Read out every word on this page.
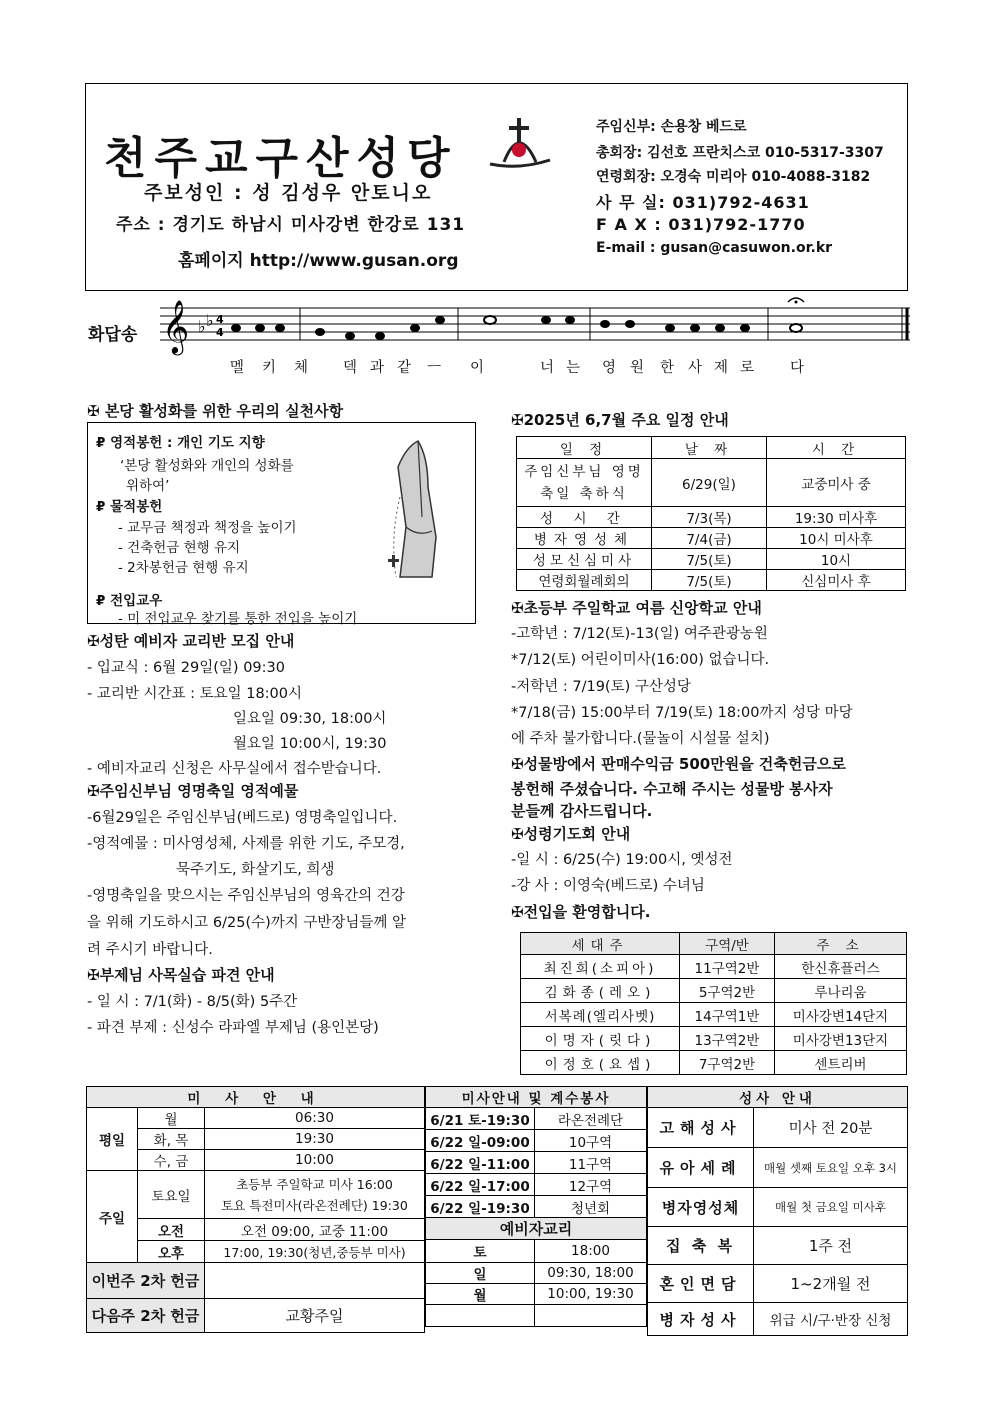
천주교구산성당
주보성인 : 성 김성우 안토니오
주소 : 경기도 하남시 미사강변 한강로 131
홈페이지 http://www.gusan.org
주임신부: 손용창 베드로
총회장: 김선호 프란치스코 010-5317-3307
연령회장: 오경숙 미리아 010-4088-3182
사 무 실: 031)792-4631
F A X : 031)792-1770
E-mail : gusan@casuwon.or.kr
화답송 𝄞 ♭ ♭ 4
4
멜 키 체 덱 과 같 ㅡ 이	너 는 영 원 한 사 제 로 다
✠ 본당 활성화를 위한 우리의 실천사항
₽ 영적봉헌 : 개인 기도 지향
‘본당 활성화와 개인의 성화를
위하여’
₽ 물적봉헌
- 교무금 책정과 책정을 높이기
- 건축헌금 현행 유지
- 2차봉헌금 현행 유지
₽ 전입교우
- 미 전입교우 찾기를 통한 전입을 높이기
✠성탄 예비자 교리반 모집 안내
- 입교식 : 6월 29일(일) 09:30
- 교리반 시간표 : 토요일 18:00시
일요일 09:30, 18:00시
월요일 10:00시, 19:30
- 예비자교리 신청은 사무실에서 접수받습니다.
✠주임신부님 영명축일 영적예물
-6월29일은 주임신부님(베드로) 영명축일입니다.
-영적예물 : 미사영성체, 사제를 위한 기도, 주모경,
묵주기도, 화살기도, 희생
-영명축일을 맞으시는 주임신부님의 영육간의 건강
을 위해 기도하시고 6/25(수)까지 구반장님들께 알
려 주시기 바랍니다.
✠부제님 사목실습 파견 안내
- 일 시 : 7/1(화) - 8/5(화) 5주간
- 파견 부제 : 신성수 라파엘 부제님 (용인본당)
✠2025년 6,7월 주요 일정 안내
일 정	날 짜	시 간
주임신부님 영명축일 축하식	6/29(일)	교중미사 중
성 시 간	7/3(목)	19:30 미사후
병자영성체	7/4(금)	10시 미사후
성모신심미사	7/5(토)	10시
연령회월례회의	7/5(토)	신심미사 후
✠초등부 주일학교 여름 신앙학교 안내
-고학년 : 7/12(토)-13(일) 여주관광농원
*7/12(토) 어린이미사(16:00) 없습니다.
-저학년 : 7/19(토) 구산성당
*7/18(금) 15:00부터 7/19(토) 18:00까지 성당 마당
에 주차 불가합니다.(물놀이 시설물 설치)
✠성물방에서 판매수익금 500만원을 건축헌금으로
봉헌해 주셨습니다. 수고해 주시는 성물방 봉사자
분들께 감사드립니다.
✠성령기도회 안내
-일 시 : 6/25(수) 19:00시, 옛성전
-강 사 : 이영숙(베드로) 수녀님
✠전입을 환영합니다.
세대주	구역/반	주 소
최진희(소피아)	11구역2반	한신휴플러스
김화종(레오)	5구역2반	루나리움
서복례(엘리사벳)	14구역1반	미사강변14단지
이명자(릿다)	13구역2반	미사강변13단지
이정호(요셉)	7구역2반	센트리버
미 사 안 내		
평일	월	06:30
	화, 목	19:30
	수, 금	10:00
주일	토요일	초등부 주일학교 미사 16:00
토요 특전미사(라온전례단) 19:30

	오전	오전 09:00, 교중 11:00
	오후	17:00, 19:30(청년,중등부 미사)
이번주 2차 헌금		
다음주 2차 헌금		교황주일
미사안내 및 계수봉사	
6/21 토-19:30	라온전례단
6/22 일-09:00	10구역
6/22 일-11:00	11구역
6/22 일-17:00	12구역
6/22 일-19:30	청년회
예비자교리	
토	18:00
일	09:30, 18:00
월	10:00, 19:30

성사 안내	
고해성사	미사 전 20분
유아세례	매월 셋째 토요일 오후 3시
병자영성체	매월 첫 금요일 미사후
집 축 복	1주 전
혼인면담	1~2개월 전
병자성사	위급 시/구·반장 신청
